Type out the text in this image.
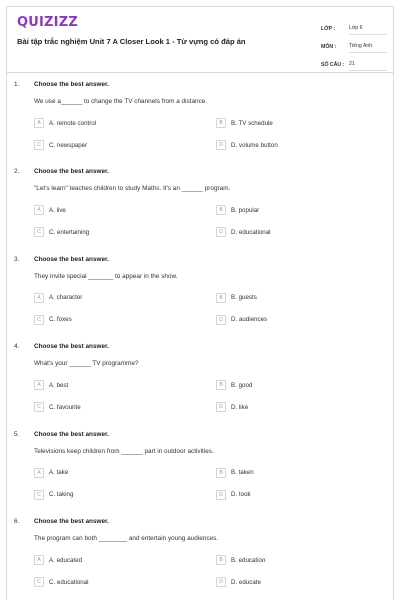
QUIZIZZ
Bài tập trắc nghiệm Unit 7 A Closer Look 1 - Từ vựng có đáp án
LỚP :	Lớp 6
MÔN :	Tiếng Anh
SỐ CÂU : 21
1. Choose the best answer.
We use a______ to change the TV channels from a distance.
A	A. remote control	B	B. TV schedule
C	C. newspaper	D	D. volume button
2. Choose the best answer.
"Let's learn" teaches children to study Maths. It's an ______ program.
A	A. live	B	B. popular
C	C. entertaining	D	D. educational
3. Choose the best answer.
They invite special _______ to appear in the show.
A	A. character	B	B. guests
C	C. foxes	D	D. audiences
4. Choose the best answer.
What's your ______ TV programme?
A	A. best	B	B. good
C	C. favourite	D	D. like
5. Choose the best answer.
Televisions keep children from ______ part in outdoor activities.
A	A. take	B	B. taken
C	C. taking	D	D. took
6. Choose the best answer.
The program can both ________ and entertain young audiences.
A	A. educated	B	B. education
C	C. educational	D	D. educate
